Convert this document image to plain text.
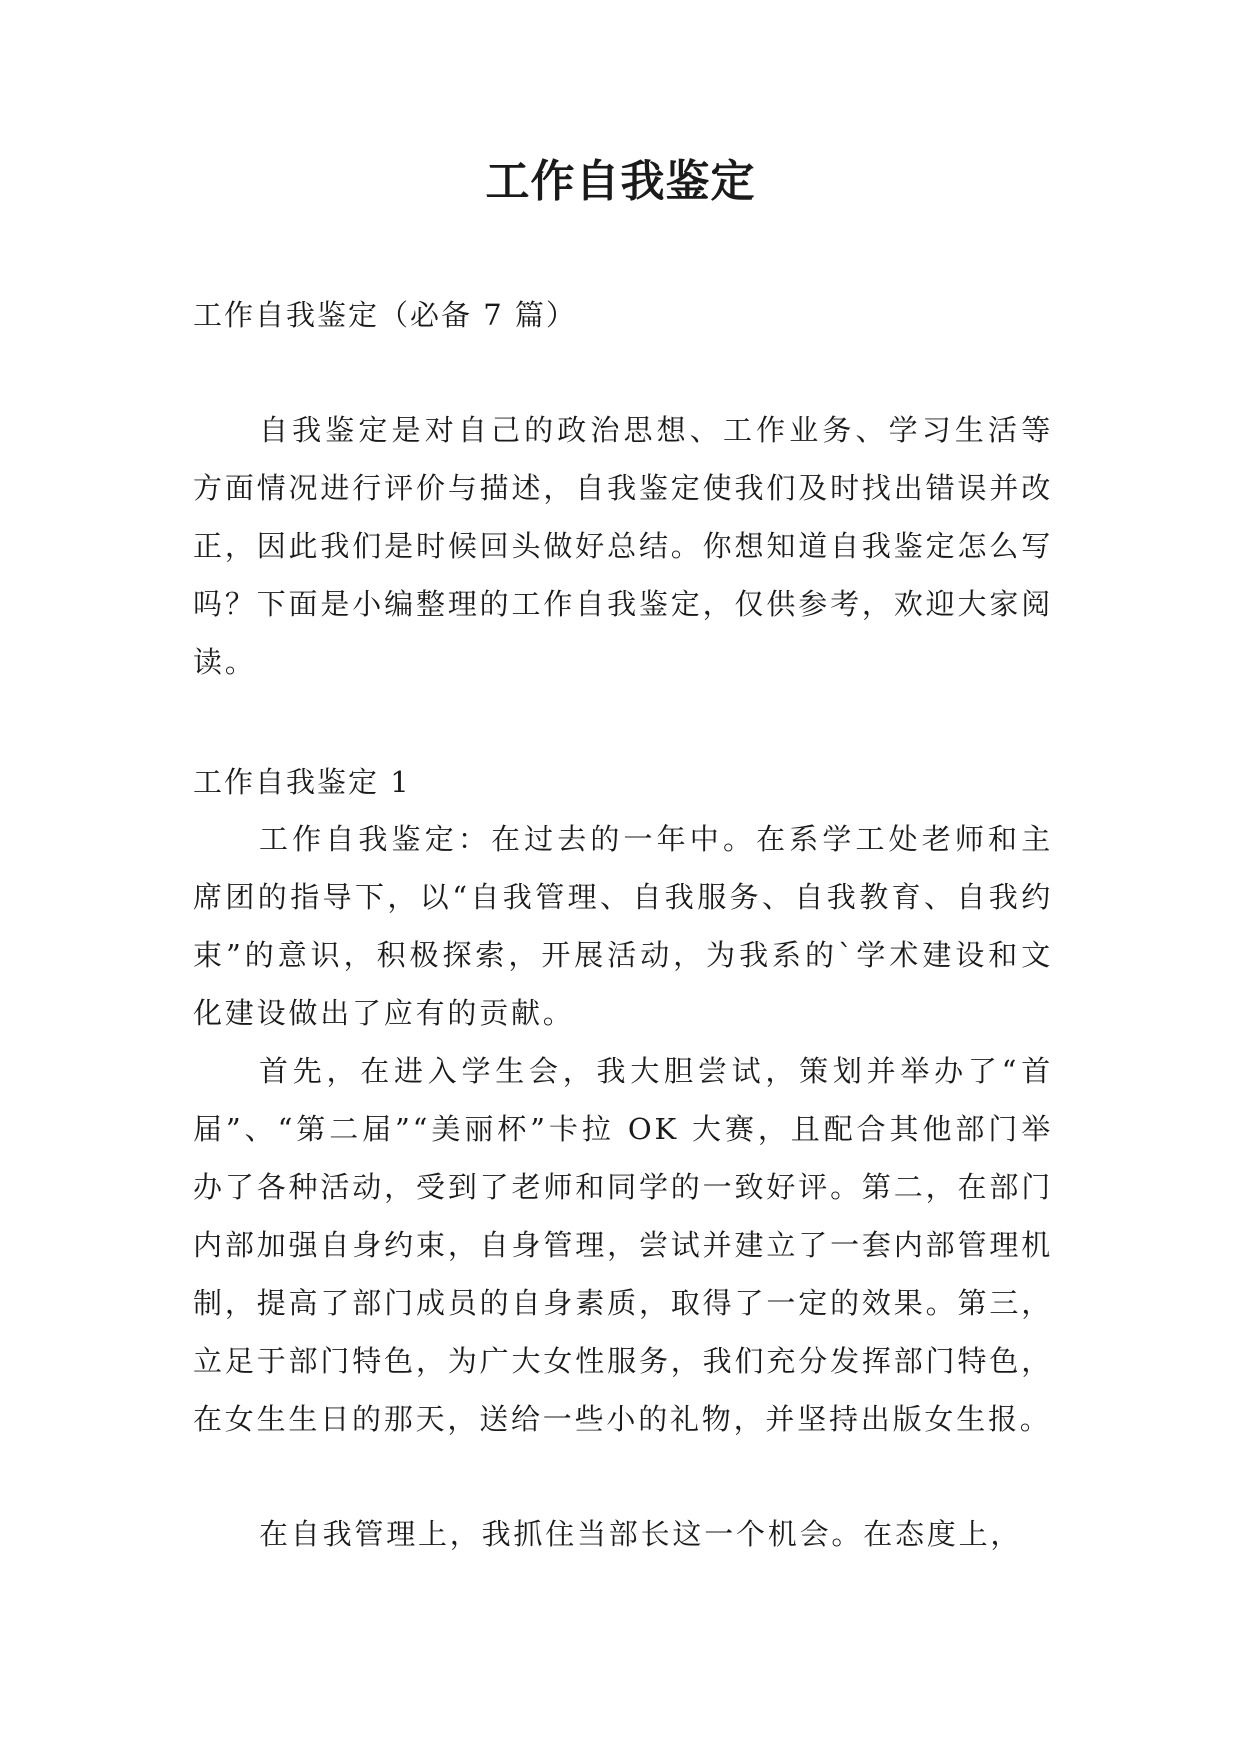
工作自我鉴定
工作自我鉴定（必备 7 篇）

自我鉴定是对自己的政治思想、工作业务、学习生活等方面情况进行评价与描述，自我鉴定使我们及时找出错误并改正，因此我们是时候回头做好总结。你想知道自我鉴定怎么写吗？下面是小编整理的工作自我鉴定，仅供参考，欢迎大家阅读。

工作自我鉴定 1

工作自我鉴定：在过去的一年中。在系学工处老师和主席团的指导下，以“自我管理、自我服务、自我教育、自我约束”的意识，积极探索，开展活动，为我系的`学术建设和文化建设做出了应有的贡献。

首先，在进入学生会，我大胆尝试，策划并举办了“首届”、“第二届”“美丽杯”卡拉 OK 大赛，且配合其他部门举办了各种活动，受到了老师和同学的一致好评。第二，在部门内部加强自身约束，自身管理，尝试并建立了一套内部管理机制，提高了部门成员的自身素质，取得了一定的效果。第三，立足于部门特色，为广大女性服务，我们充分发挥部门特色，在女生生日的那天，送给一些小的礼物，并坚持出版女生报。

在自我管理上，我抓住当部长这一个机会。在态度上，
